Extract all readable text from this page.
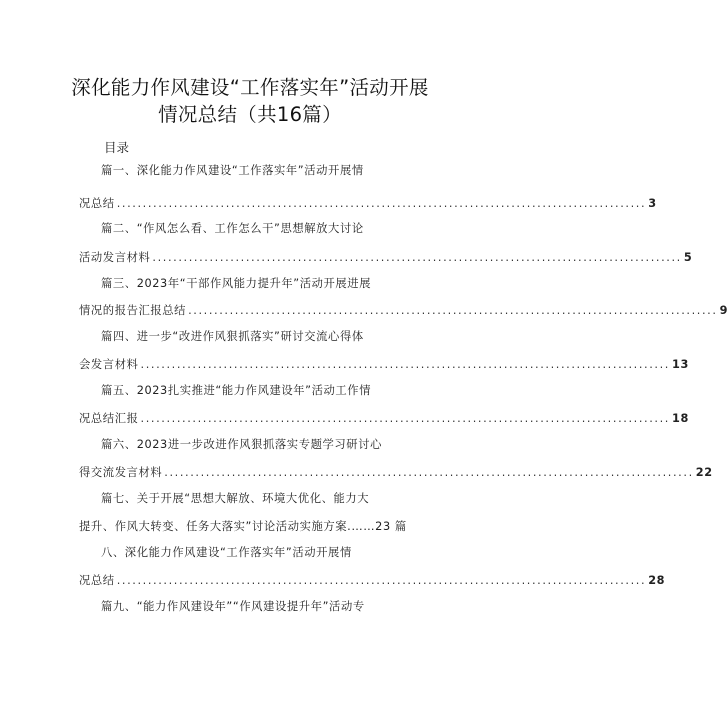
深化能力作风建设“工作落实年”活动开展
情况总结（共16篇）
目录
篇一、深化能力作风建设“工作落实年”活动开展情
况总结 ...................................................................................................... 3
篇二、“作风怎么看、工作怎么干”思想解放大讨论
活动发言材料 ...................................................................................................... 5
篇三、2023年“干部作风能力提升年”活动开展进展
情况的报告汇报总结 ...................................................................................................... 9
篇四、进一步“改进作风狠抓落实”研讨交流心得体
会发言材料 ...................................................................................................... 13
篇五、2023扎实推进“能力作风建设年”活动工作情
况总结汇报 ...................................................................................................... 18
篇六、2023进一步改进作风狠抓落实专题学习研讨心
得交流发言材料 ...................................................................................................... 22
篇七、关于开展“思想大解放、环境大优化、能力大
提升、作风大转变、任务大落实”讨论活动实施方案.……23 篇
八、深化能力作风建设“工作落实年”活动开展情
况总结 ...................................................................................................... 28
篇九、“能力作风建设年”“作风建设提升年”活动专
